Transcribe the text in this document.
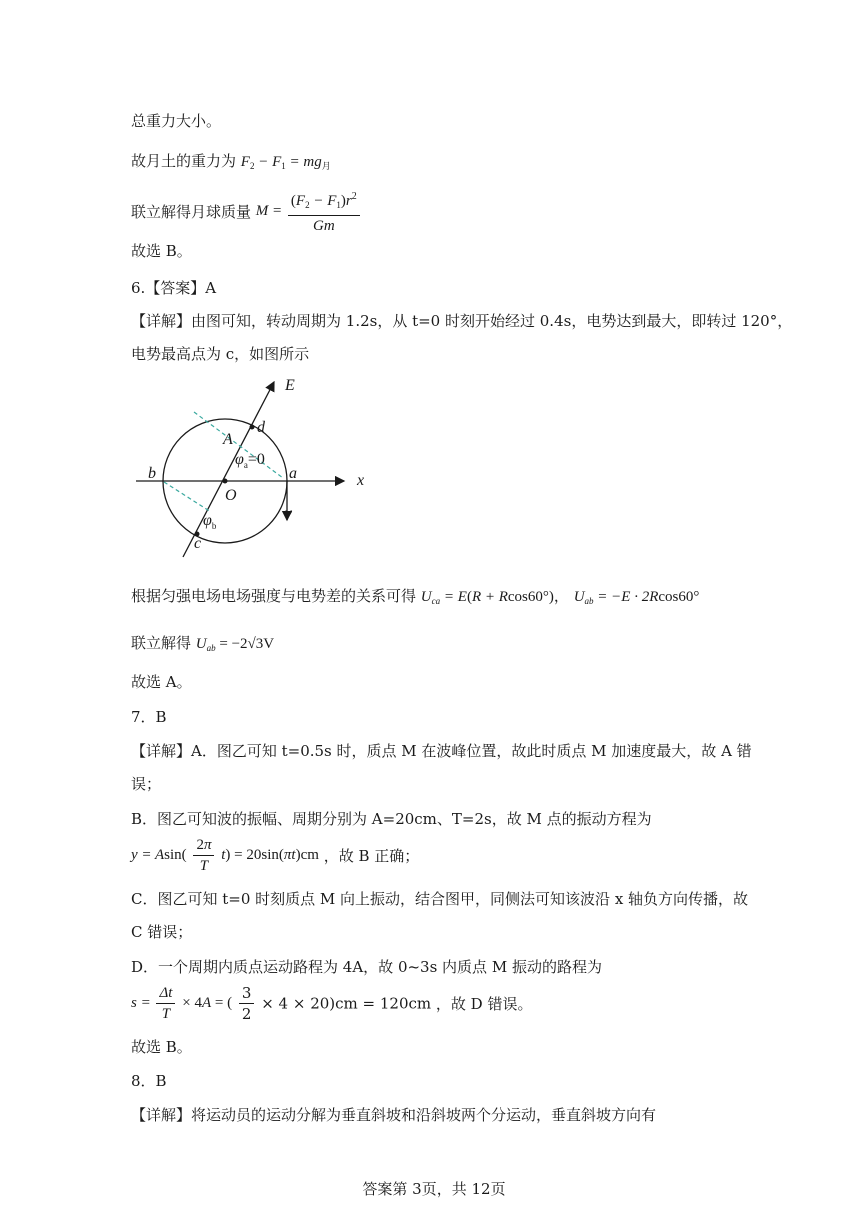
总重力大小。
故月土的重力为 $F_2 - F_1 = mg_月$
联立解得月球质量 $M = \frac{(F_2 - F_1)r^2}{Gm}$
故选 B。
6.【答案】A
【详解】由图可知，转动周期为 1.2s，从 t=0 时刻开始经过 0.4s，电势达到最大，即转过 120°，
电势最高点为 c，如图所示
E
x
A
d
$\varphi_a=0$
b	a
O
v
$\varphi_b$
c
根据匀强电场电场强度与电势差的关系可得 $U_{ca} = E(R + Rcos60^\circ)$， $U_{ab} = -E \cdot 2Rcos60^\circ$
联立解得 $U_{ab} = -2√3V$
故选 A。
7．B
【详解】A．图乙可知 t=0.5s 时，质点 M 在波峰位置，故此时质点 M 加速度最大，故 A 错
误；
B．图乙可知波的振幅、周期分别为 A=20cm、T=2s，故 M 点的振动方程为
$y = Asin( \frac{2\pi}{T} t) = 20\sin(\pi t)cm$ ，故 B 正确；
C．图乙可知 t=0 时刻质点 M 向上振动，结合图甲，同侧法可知该波沿 x 轴负方向传播，故
C 错误；
D．一个周期内质点运动路程为 4A，故 0~3s 内质点 M 振动的路程为
$s = \frac{\Delta t}{T} \times 4A$ = ( $\frac{3}{2} \times 4 \times 20)cm = 120cm$ ，故 D 错误。
故选 B。
8．B
【详解】将运动员的运动分解为垂直斜坡和沿斜坡两个分运动，垂直斜坡方向有
答案第 3页，共 12页
